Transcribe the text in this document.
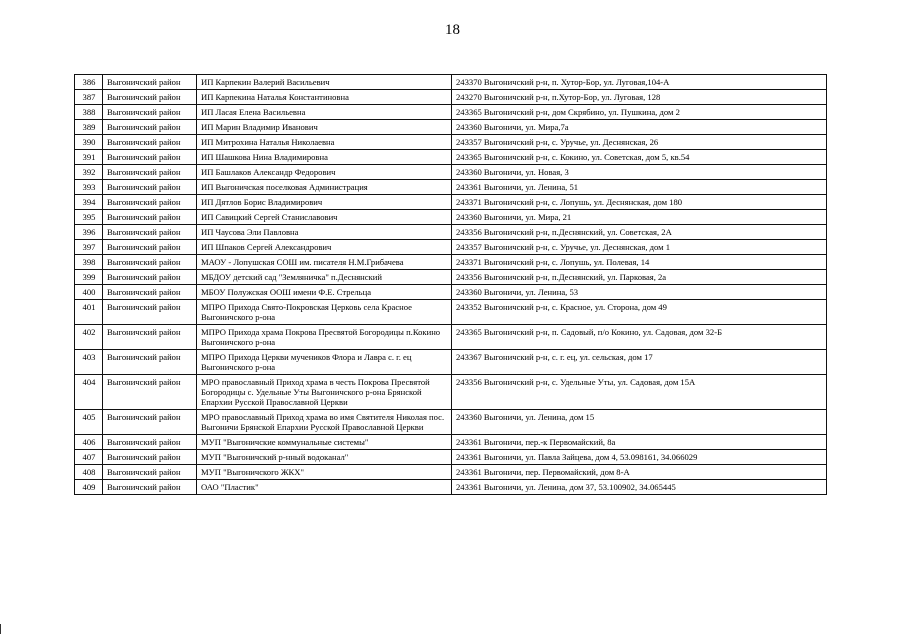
18
386	Выгоничский район	ИП Карпекин Валерий Васильевич	243370 Выгоничский р-н, п. Хутор-Бор, ул. Луговая,104-А
387	Выгоничский район	ИП Карпекина Наталья Константиновна	243270 Выгоничский р-н, п.Хутор-Бор, ул. Луговая, 128
388	Выгоничский район	ИП Ласая Елена Васильевна	243365 Выгоничский р-н, дом Скрябино, ул. Пушкина, дом 2
389	Выгоничский район	ИП Марин Владимир Иванович	243360 Выгоничи, ул. Мира,7а
390	Выгоничский район	ИП Митрохина Наталья Николаевна	243357 Выгоничский р-н, с. Уручье, ул. Деснянская, 26
391	Выгоничский район	ИП Шашкова Нина Владимировна	243365 Выгоничский р-н, с. Кокино, ул. Советская, дом 5, кв.54
392	Выгоничский район	ИП Башлаков Александр Федорович	243360 Выгоничи, ул. Новая, 3
393	Выгоничский район	ИП Выгоничская поселковая Администрация	243361 Выгоничи, ул. Ленина, 51
394	Выгоничский район	ИП Дятлов Борис Владимирович	243371 Выгоничский р-н, с. Лопушь, ул. Деснянская, дом 180
395	Выгоничский район	ИП Савицкий Сергей Станиславович	243360 Выгоничи, ул. Мира, 21
396	Выгоничский район	ИП Чаусова Эли Павловна	243356 Выгоничский р-н, п.Деснянский, ул. Советская, 2А
397	Выгоничский район	ИП Шпаков Сергей Александрович	243357 Выгоничский р-н, с. Уручье, ул. Деснянская, дом 1
398	Выгоничский район	МАОУ - Лопушская СОШ им. писателя Н.М.Грибачева	243371 Выгоничский р-н, с. Лопушь, ул. Полевая, 14
399	Выгоничский район	МБДОУ детский сад "Земляничка" п.Деснянский	243356 Выгоничский р-н, п.Деснянский, ул. Парковая, 2а
400	Выгоничский район	МБОУ Полужская ООШ имени Ф.Е. Стрельца	243360 Выгоничи, ул. Ленина, 53
401	Выгоничский район	МПРО Прихода Свято-Покровская Церковь села Красное Выгоничского р-она	243352 Выгоничский р-н, с. Красное, ул. Сторона, дом 49
402	Выгоничский район	МПРО Прихода храма Покрова Пресвятой Богородицы п.Кокино Выгоничского р-она	243365 Выгоничский р-н, п. Садовый, п/о Кокино, ул. Садовая, дом 32-Б
403	Выгоничский район	МПРО Прихода Церкви мучеников Флора и Лавра с. г. ец Выгоничского р-она	243367 Выгоничский р-н, с. г. ец, ул. сельская, дом 17
404	Выгоничский район	МРО православный Приход храма в честь Покрова Пресвятой Богородицы с. Удельные Уты Выгоничского р-она Брянской Епархии Русской Православной Церкви	243356 Выгоничский р-н, с. Удельные Уты, ул. Садовая, дом 15А
405	Выгоничский район	МРО православный Приход храма во имя Святителя Николая пос. Выгоничи Брянской Епархии Русской Православной Церкви	243360 Выгоничи, ул. Ленина, дом 15
406	Выгоничский район	МУП "Выгоничские коммунальные системы"	243361 Выгоничи, пер.-к Первомайский, 8а
407	Выгоничский район	МУП "Выгоничский р-нный водоканал"	243361 Выгоничи, ул. Павла Зайцева, дом 4, 53.098161, 34.066029
408	Выгоничский район	МУП "Выгоничского ЖКХ"	243361 Выгоничи, пер. Первомайский, дом 8-А
409	Выгоничский район	ОАО "Пластик"	243361 Выгоничи, ул. Ленина, дом 37, 53.100902, 34.065445
